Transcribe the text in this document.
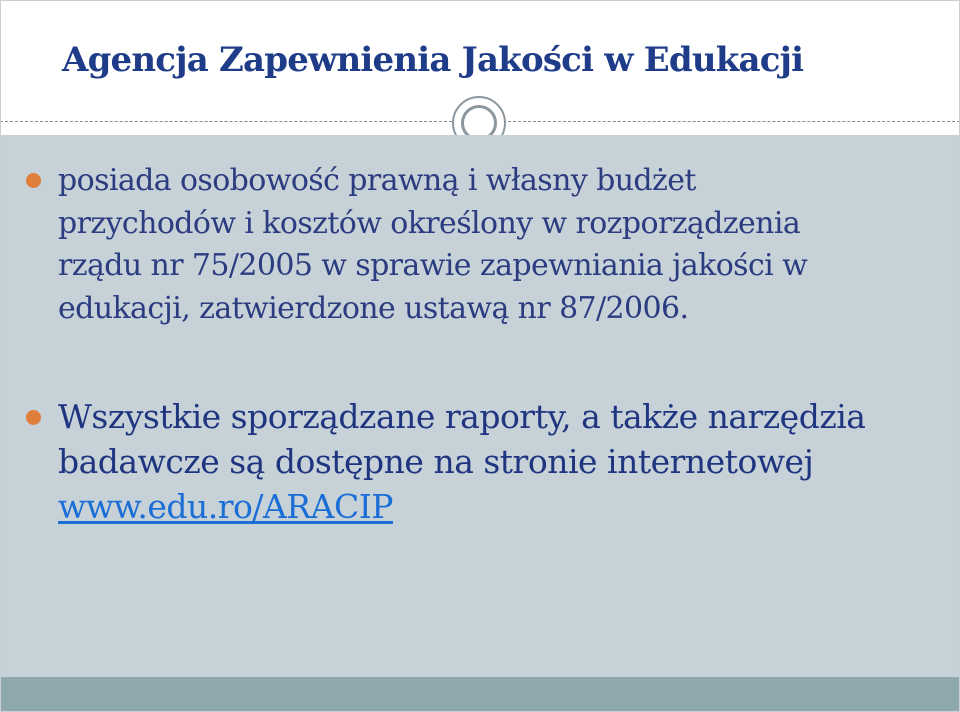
Agencja Zapewnienia Jakości w Edukacji
posiada osobowość prawną i własny budżet
przychodów i kosztów określony w rozporządzenia
rządu nr 75/2005 w sprawie zapewniania jakości w
edukacji, zatwierdzone ustawą nr 87/2006.
Wszystkie sporządzane raporty, a także narzędzia
badawcze są dostępne na stronie internetowej
www.edu.ro/ARACIP
